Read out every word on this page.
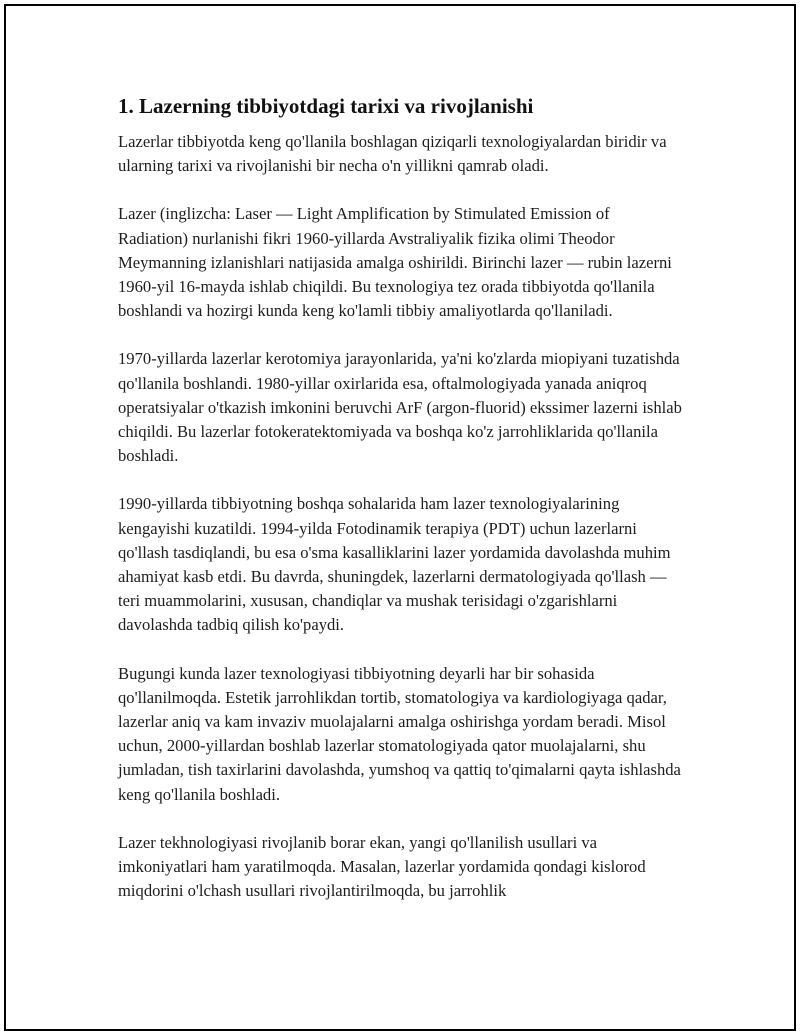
1. Lazerning tibbiyotdagi tarixi va rivojlanishi

Lazerlar tibbiyotda keng qo'llanila boshlagan qiziqarli texnologiyalardan biridir va ularning tarixi va rivojlanishi bir necha o'n yillikni qamrab oladi.

Lazer (inglizcha: Laser — Light Amplification by Stimulated Emission of Radiation) nurlanishi fikri 1960-yillarda Avstraliyalik fizika olimi Theodor Meymanning izlanishlari natijasida amalga oshirildi. Birinchi lazer — rubin lazerni 1960-yil 16-mayda ishlab chiqildi. Bu texnologiya tez orada tibbiyotda qo'llanila boshlandi va hozirgi kunda keng ko'lamli tibbiy amaliyotlarda qo'llaniladi.

1970-yillarda lazerlar kerotomiya jarayonlarida, ya'ni ko'zlarda miopiyani tuzatishda qo'llanila boshlandi. 1980-yillar oxirlarida esa, oftalmologiyada yanada aniqroq operatsiyalar o'tkazish imkonini beruvchi ArF (argon-fluorid) ekssimer lazerni ishlab chiqildi. Bu lazerlar fotokeratektomiyada va boshqa ko'z jarrohliklarida qo'llanila boshladi.

1990-yillarda tibbiyotning boshqa sohalarida ham lazer texnologiyalarining kengayishi kuzatildi. 1994-yilda Fotodinamik terapiya (PDT) uchun lazerlarni qo'llash tasdiqlandi, bu esa o'sma kasalliklarini lazer yordamida davolashda muhim ahamiyat kasb etdi. Bu davrda, shuningdek, lazerlarni dermatologiyada qo'llash — teri muammolarini, xususan, chandiqlar va mushak terisidagi o'zgarishlarni davolashda tadbiq qilish ko'paydi.

Bugungi kunda lazer texnologiyasi tibbiyotning deyarli har bir sohasida qo'llanilmoqda. Estetik jarrohlikdan tortib, stomatologiya va kardiologiyaga qadar, lazerlar aniq va kam invaziv muolajalarni amalga oshirishga yordam beradi. Misol uchun, 2000-yillardan boshlab lazerlar stomatologiyada qator muolajalarni, shu jumladan, tish taxirlarini davolashda, yumshoq va qattiq to'qimalarni qayta ishlashda keng qo'llanila boshladi.

Lazer tekhnologiyasi rivojlanib borar ekan, yangi qo'llanilish usullari va imkoniyatlari ham yaratilmoqda. Masalan, lazerlar yordamida qondagi kislorod miqdorini o'lchash usullari rivojlantirilmoqda, bu jarrohlik
